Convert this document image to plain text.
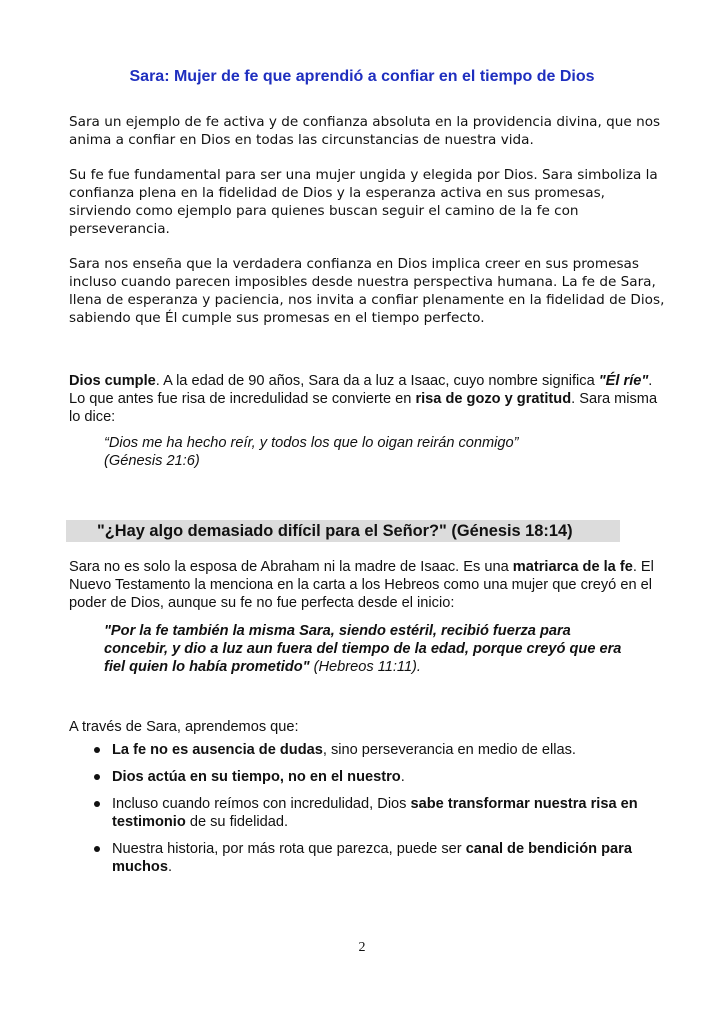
Sara: Mujer de fe que aprendió a confiar en el tiempo de Dios
Sara un ejemplo de fe activa y de confianza absoluta en la providencia divina, que nos anima a confiar en Dios en todas las circunstancias de nuestra vida.
Su fe fue fundamental para ser una mujer ungida y elegida por Dios. Sara simboliza la confianza plena en la fidelidad de Dios y la esperanza activa en sus promesas, sirviendo como ejemplo para quienes buscan seguir el camino de la fe con perseverancia.
Sara nos enseña que la verdadera confianza en Dios implica creer en sus promesas incluso cuando parecen imposibles desde nuestra perspectiva humana. La fe de Sara, llena de esperanza y paciencia, nos invita a confiar plenamente en la fidelidad de Dios, sabiendo que Él cumple sus promesas en el tiempo perfecto.
Dios cumple. A la edad de 90 años, Sara da a luz a Isaac, cuyo nombre significa "Él ríe". Lo que antes fue risa de incredulidad se convierte en risa de gozo y gratitud. Sara misma lo dice:
“Dios me ha hecho reír, y todos los que lo oigan reirán conmigo”
(Génesis 21:6)
"¿Hay algo demasiado difícil para el Señor?" (Génesis 18:14)
Sara no es solo la esposa de Abraham ni la madre de Isaac. Es una matriarca de la fe. El Nuevo Testamento la menciona en la carta a los Hebreos como una mujer que creyó en el poder de Dios, aunque su fe no fue perfecta desde el inicio:
"Por la fe también la misma Sara, siendo estéril, recibió fuerza para concebir, y dio a luz aun fuera del tiempo de la edad, porque creyó que era fiel quien lo había prometido" (Hebreos 11:11).
A través de Sara, aprendemos que:
La fe no es ausencia de dudas, sino perseverancia en medio de ellas.
Dios actúa en su tiempo, no en el nuestro.
Incluso cuando reímos con incredulidad, Dios sabe transformar nuestra risa en testimonio de su fidelidad.
Nuestra historia, por más rota que parezca, puede ser canal de bendición para muchos.
2
